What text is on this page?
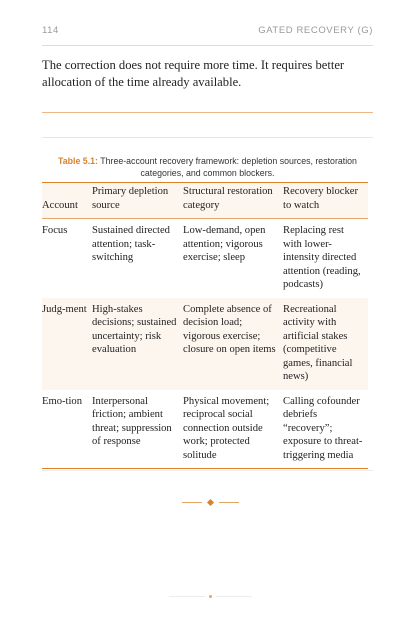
114	GATED RECOVERY (G)

The correction does not require more time. It requires better allocation of the time already available.

Table 5.1: Three-account recovery framework: depletion sources, restoration categories, and common blockers.

Account	Primary depletion source	Structural restoration category	Recovery blocker to watch
Focus	Sustained directed attention; task-switching	Low-demand, open attention; vigorous exercise; sleep	Replacing rest with lower-intensity directed attention (reading, podcasts)
Judg-ment	High-stakes decisions; sustained uncertainty; risk evaluation	Complete absence of decision load; vigorous exercise; closure on open items	Recreational activity with artificial stakes (competitive games, financial news)
Emo-tion	Interpersonal friction; ambient threat; suppression of response	Physical movement; reciprocal social connection outside work; protected solitude	Calling cofounder debriefs “recovery”; exposure to threat-triggering media
